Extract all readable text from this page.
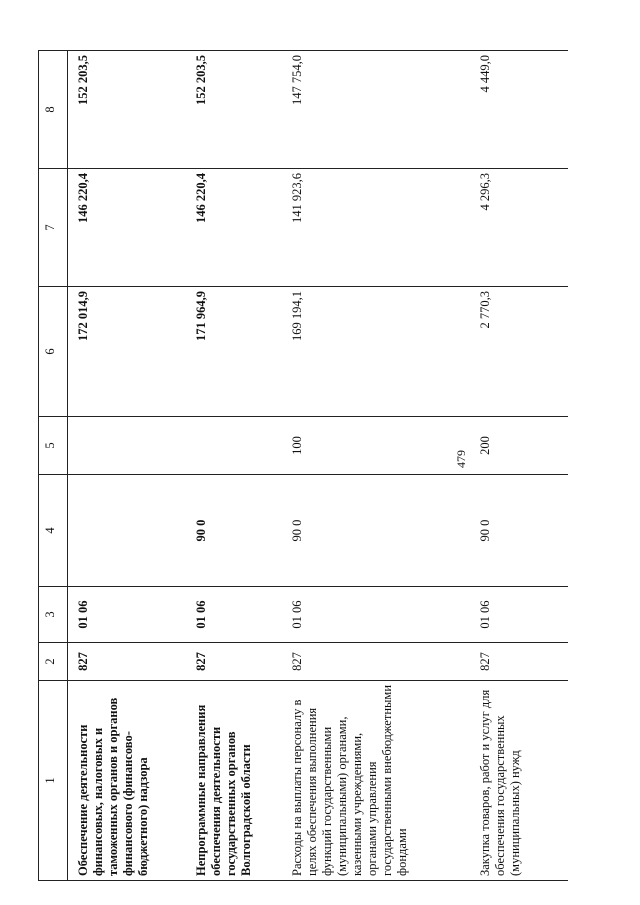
479
1	2	3	4	5	6	7	8
Обеспечение деятельности финансовых, налоговых и таможенных органов и органов финансового (финансово-бюджетного) надзора	827	01 06			172 014,9	146 220,4	152 203,5
Непрограммные направления обеспечения деятельности государственных органов Волгоградской области	827	01 06	90 0		171 964,9	146 220,4	152 203,5
Расходы на выплаты персоналу в целях обеспечения выполнения функций государственными (муниципальными) органами, казенными учреждениями, органами управления государственными внебюджетными фондами	827	01 06	90 0	100	169 194,1	141 923,6	147 754,0
Закупка товаров, работ и услуг для обеспечения государственных (муниципальных) нужд	827	01 06	90 0	200	2 770,3	4 296,3	4 449,0
